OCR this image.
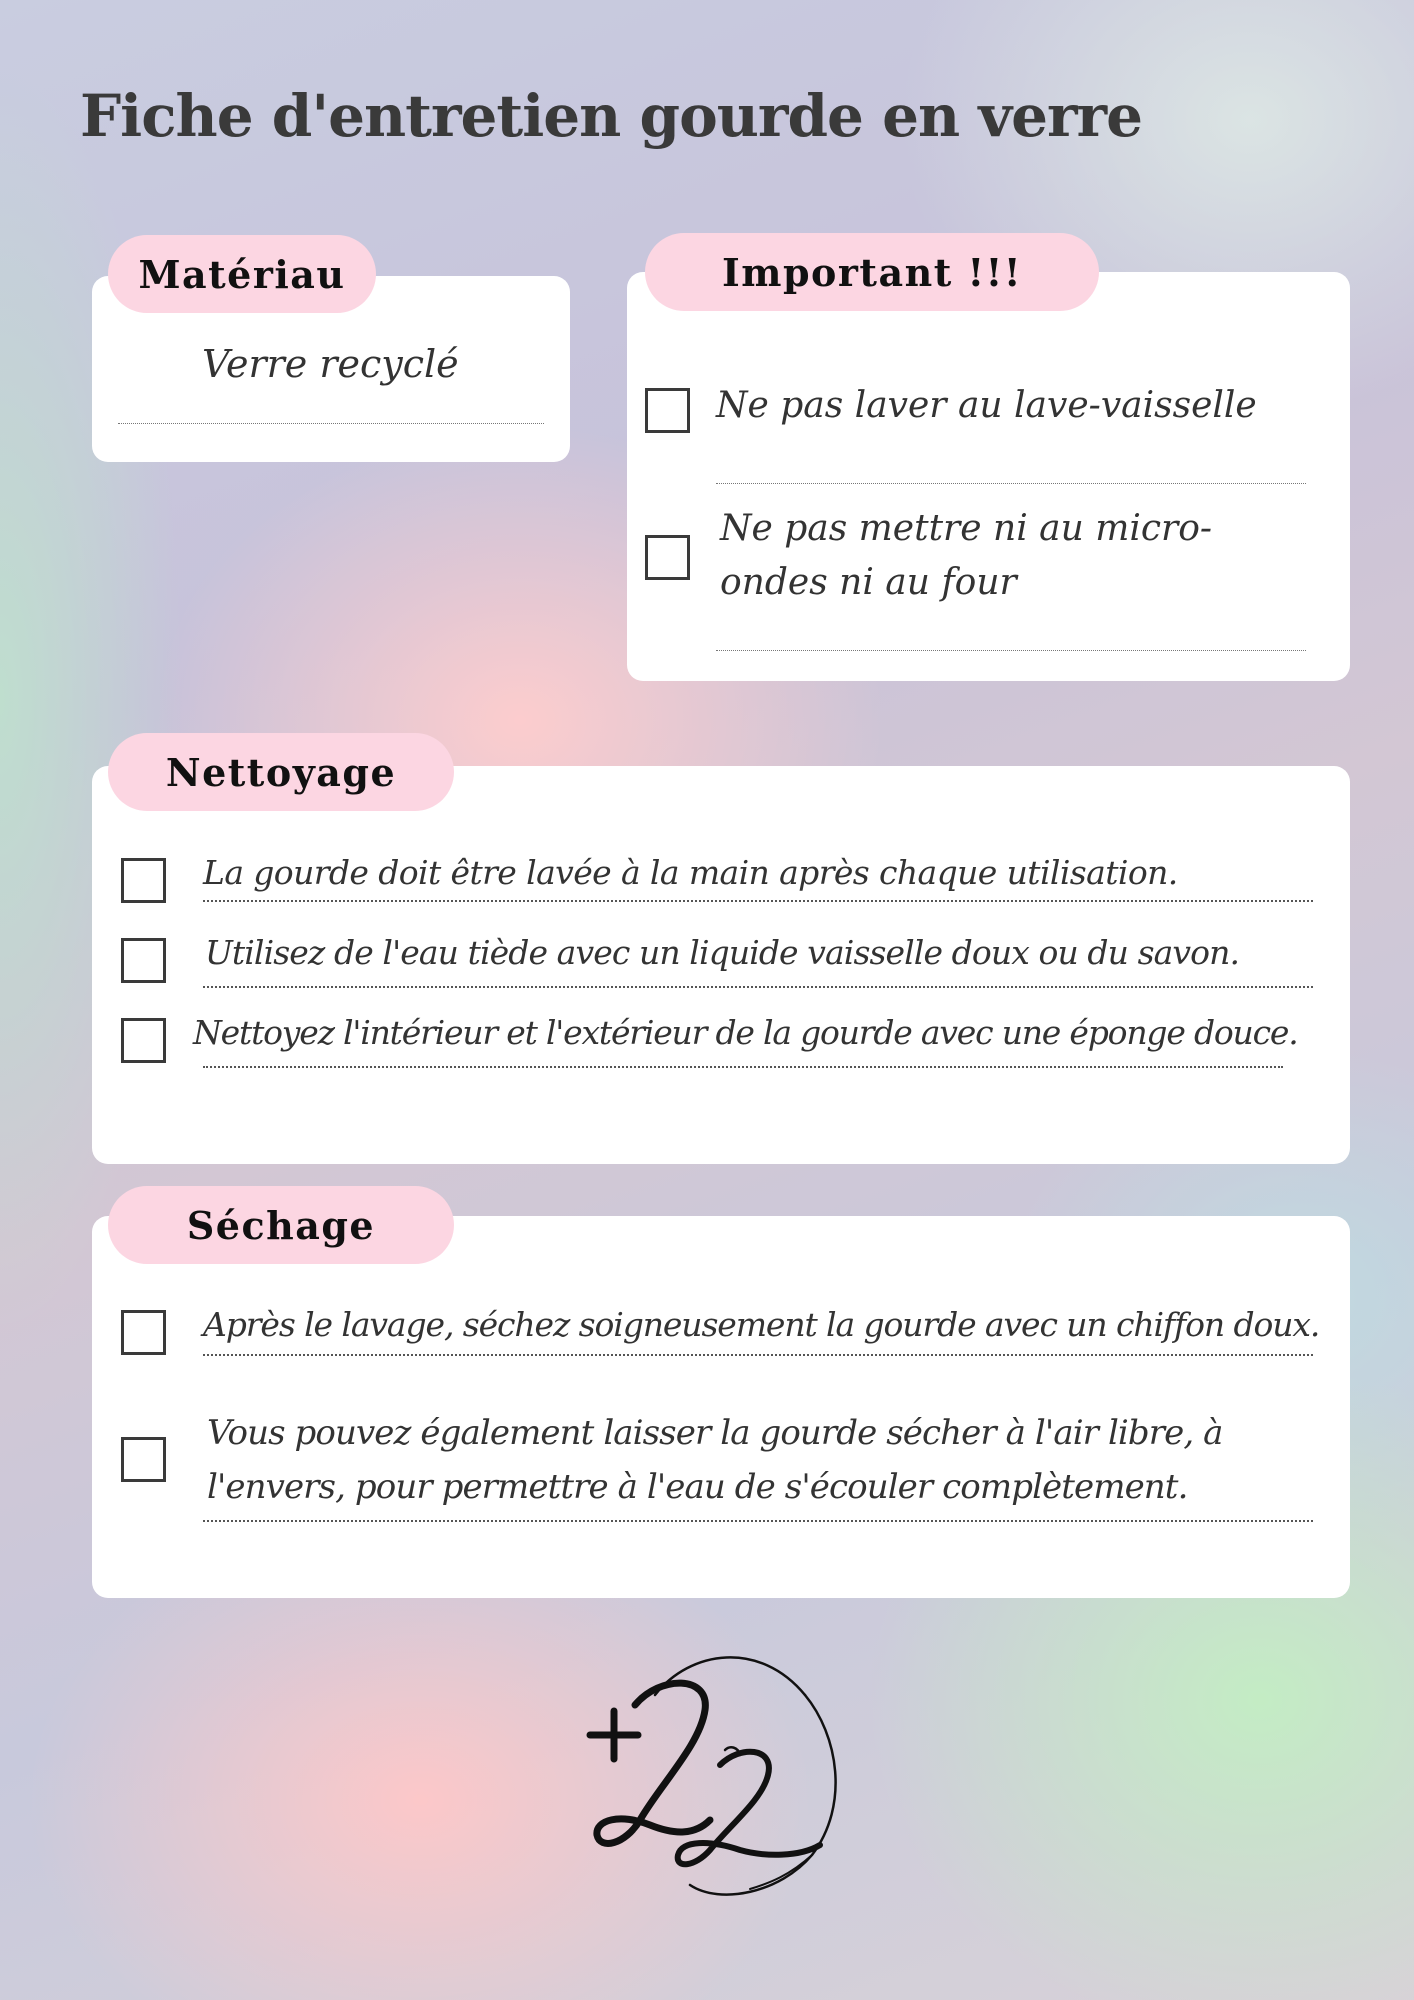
Fiche d'entretien gourde en verre
Matériau
Verre recyclé
Important !!!
Ne pas laver au lave-vaisselle
Ne pas mettre ni au micro-ondes ni au four
Nettoyage
La gourde doit être lavée à la main après chaque utilisation.
Utilisez de l'eau tiède avec un liquide vaisselle doux ou du savon.
Nettoyez l'intérieur et l'extérieur de la gourde avec une éponge douce.
Séchage
Après le lavage, séchez soigneusement la gourde avec un chiffon doux.
Vous pouvez également laisser la gourde sécher à l'air libre, à l'envers, pour permettre à l'eau de s'écouler complètement.
